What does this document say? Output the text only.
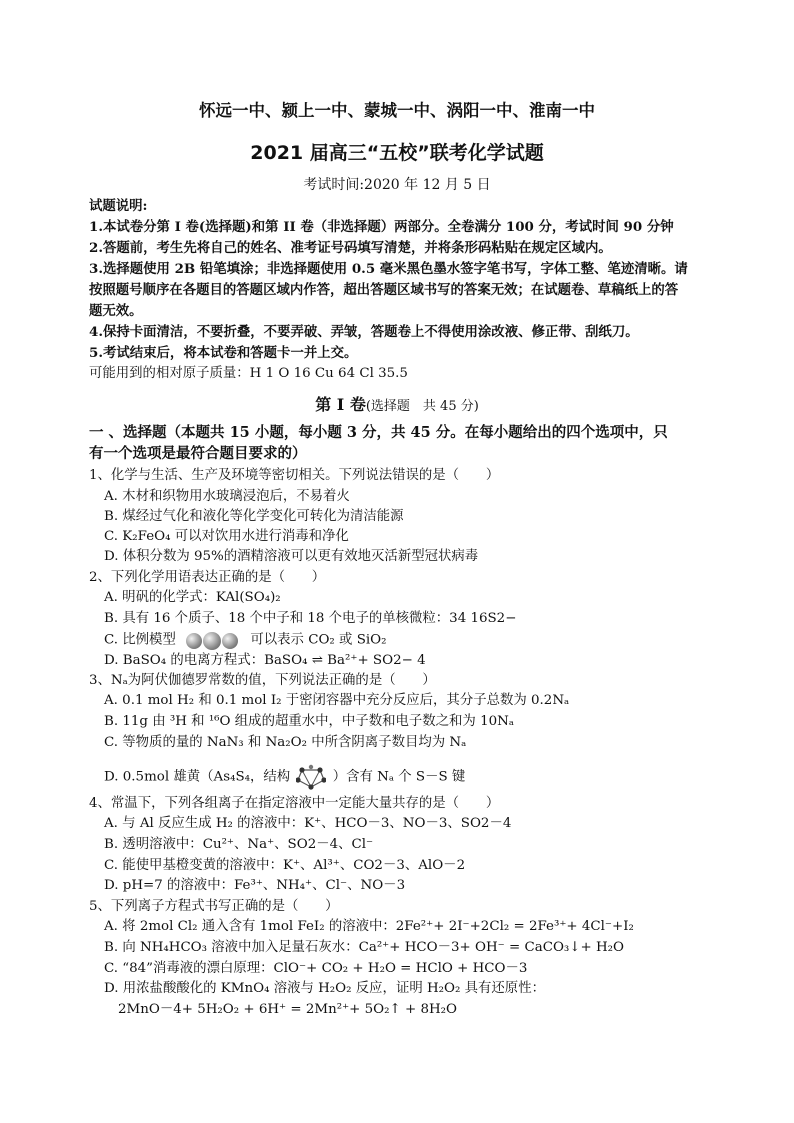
怀远一中、颍上一中、蒙城一中、涡阳一中、淮南一中
2021 届高三“五校”联考化学试题
考试时间:2020 年 12 月 5 日
试题说明:
1.本试卷分第 I 卷(选择题)和第 II 卷（非选择题）两部分。全卷满分 100 分，考试时间 90 分钟
2.答题前，考生先将自己的姓名、准考证号码填写清楚，并将条形码粘贴在规定区域内。
3.选择题使用 2B 铅笔填涂；非选择题使用 0.5 毫米黑色墨水签字笔书写，字体工整、笔迹清晰。请
按照题号顺序在各题目的答题区域内作答，超出答题区域书写的答案无效；在试题卷、草稿纸上的答
题无效。
4.保持卡面清洁，不要折叠，不要弄破、弄皱，答题卷上不得使用涂改液、修正带、刮纸刀。
5.考试结束后，将本试卷和答题卡一并上交。
可能用到的相对原子质量：H 1 O 16 Cu 64 Cl 35.5
第 I 卷(选择题　共 45 分)
一 、选择题（本题共 15 小题，每小题 3 分，共 45 分。在每小题给出的四个选项中，只
有一个选项是最符合题目要求的）
1、化学与生活、生产及环境等密切相关。下列说法错误的是（　　）
A. 木材和织物用水玻璃浸泡后，不易着火
B. 煤经过气化和液化等化学变化可转化为清洁能源
C. K₂FeO₄ 可以对饮用水进行消毒和净化
D. 体积分数为 95%的酒精溶液可以更有效地灭活新型冠状病毒
2、下列化学用语表达正确的是（　　）
A. 明矾的化学式：KAl(SO₄)₂
B. 具有 16 个质子、18 个中子和 18 个电子的单核微粒：34 16S2−
C. 比例模型	可以表示 CO₂ 或 SiO₂
D. BaSO₄ 的电离方程式：BaSO₄ ⇌ Ba²⁺+ SO2− 4
3、Nₐ为阿伏伽德罗常数的值，下列说法正确的是（　　）
A. 0.1 mol H₂ 和 0.1 mol I₂ 于密闭容器中充分反应后，其分子总数为 0.2Nₐ
B. 11g 由 ³H 和 ¹⁶O 组成的超重水中，中子数和电子数之和为 10Nₐ
C. 等物质的量的 NaN₃ 和 Na₂O₂ 中所含阴离子数目均为 Nₐ
D. 0.5mol 雄黄（As₄S₄，结构	）含有 Nₐ 个 S－S 键
4、常温下，下列各组离子在指定溶液中一定能大量共存的是（　　）
A. 与 Al 反应生成 H₂ 的溶液中：K⁺、HCO－3、NO－3、SO2－4
B. 透明溶液中：Cu²⁺、Na⁺、SO2－4、Cl⁻
C. 能使甲基橙变黄的溶液中：K⁺、Al³⁺、CO2－3、AlO－2
D. pH=7 的溶液中：Fe³⁺、NH₄⁺、Cl⁻、NO－3
5、下列离子方程式书写正确的是（　　）
A. 将 2mol Cl₂ 通入含有 1mol FeI₂ 的溶液中：2Fe²⁺+ 2I⁻+2Cl₂ = 2Fe³⁺+ 4Cl⁻+I₂
B. 向 NH₄HCO₃ 溶液中加入足量石灰水：Ca²⁺+ HCO－3+ OH⁻ = CaCO₃↓+ H₂O
C. “84”消毒液的漂白原理：ClO⁻+ CO₂ + H₂O = HClO + HCO－3
D. 用浓盐酸酸化的 KMnO₄ 溶液与 H₂O₂ 反应，证明 H₂O₂ 具有还原性：
2MnO－4+ 5H₂O₂ + 6H⁺ = 2Mn²⁺+ 5O₂↑ + 8H₂O
